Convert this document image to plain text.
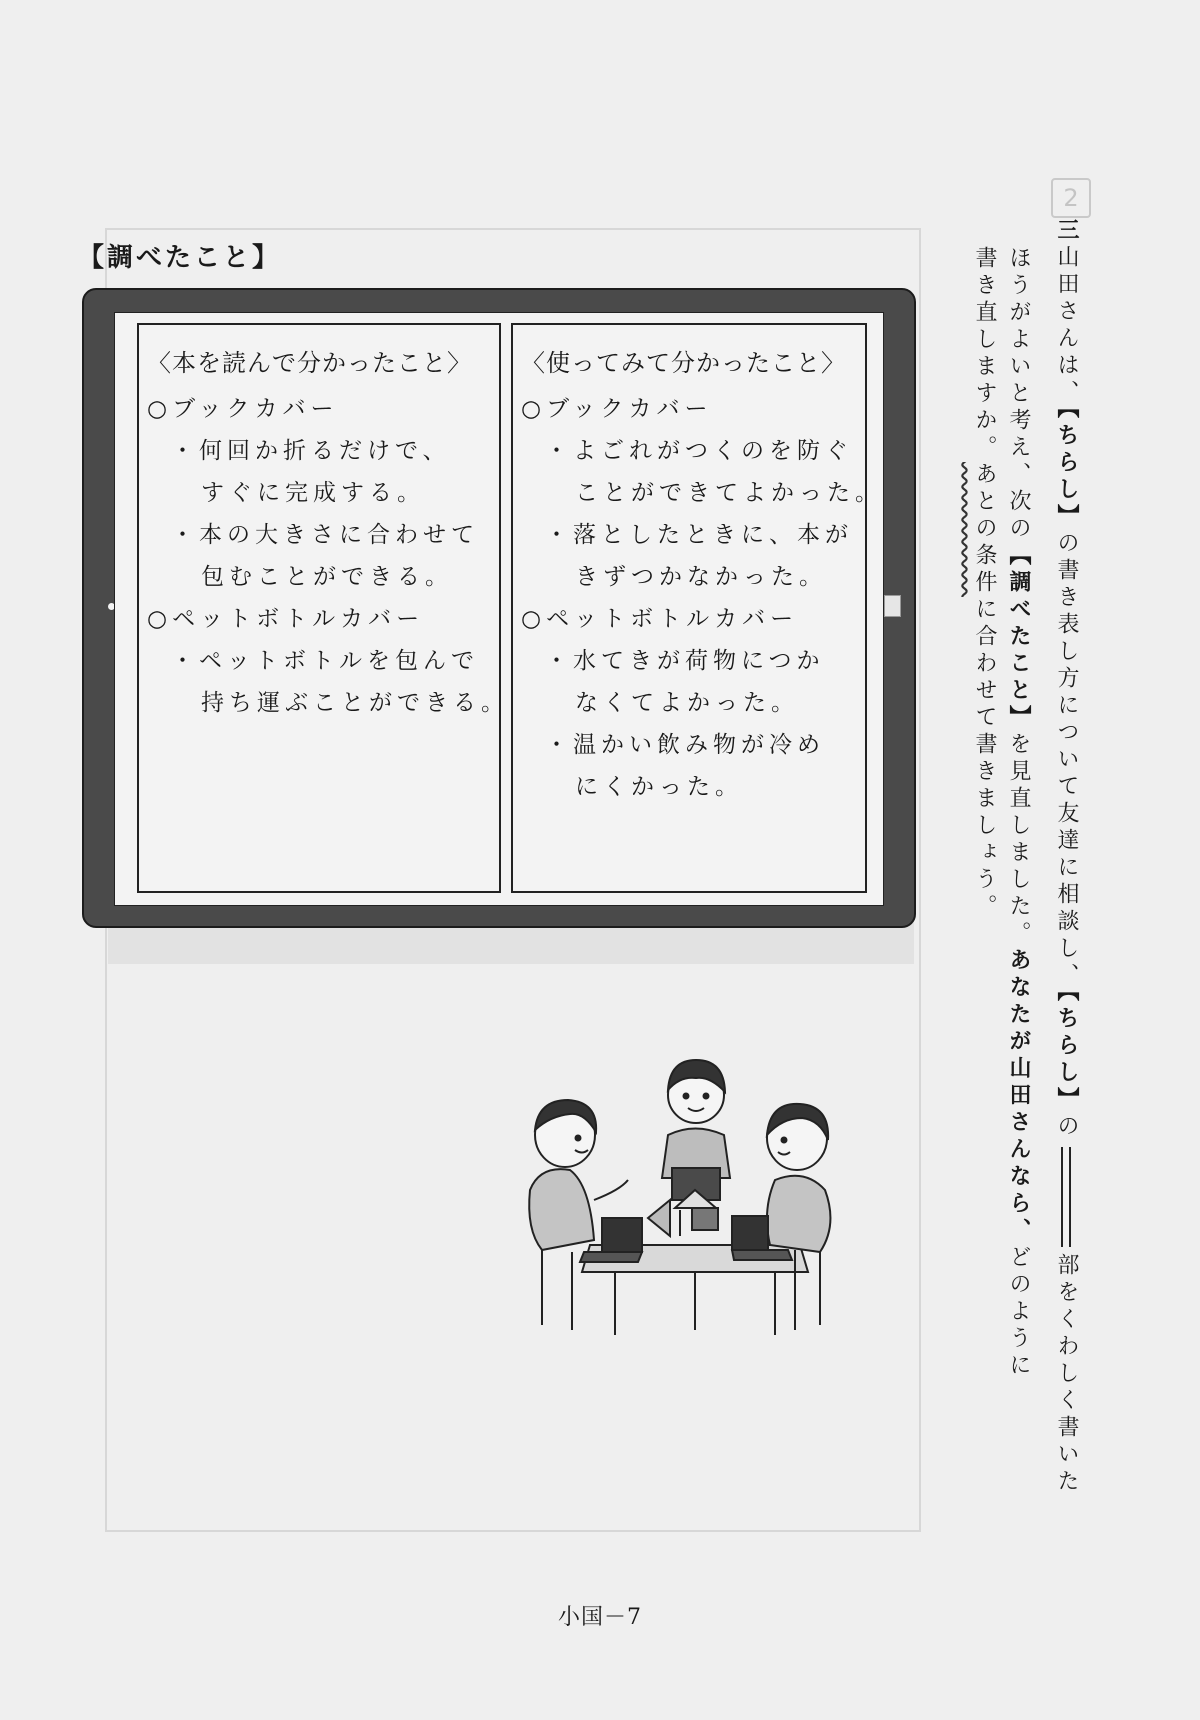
2
三山田さんは、【ちらし】の書き表し方について友達に相談し、【ちらし】の部をくわしく書いた
ほうがよいと考え、次の【調べたこと】を見直しました。あなたが山田さんなら、どのように
書き直しますか。あとの条件に合わせて書きましょう。
【調べたこと】
〈本を読んで分かったこと〉
○ブックカバー
・何回か折るだけで、
すぐに完成する。
・本の大きさに合わせて
包むことができる。
○ペットボトルカバー
・ペットボトルを包んで
持ち運ぶことができる。
〈使ってみて分かったこと〉
○ブックカバー
・よごれがつくのを防ぐ
ことができてよかった。
・落としたときに、本が
きずつかなかった。
○ペットボトルカバー
・水てきが荷物につか
なくてよかった。
・温かい飲み物が冷め
にくかった。
小国－7
